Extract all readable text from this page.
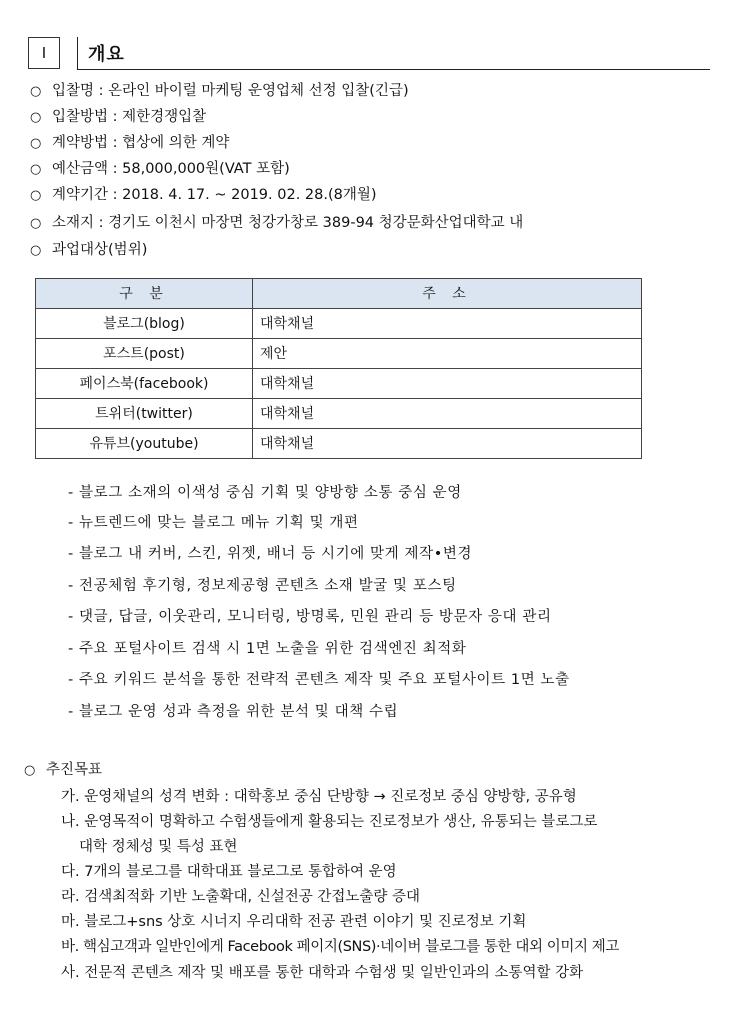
Ⅰ	개요
○ 입찰명 : 온라인 바이럴 마케팅 운영업체 선정 입찰(긴급)
○ 입찰방법 : 제한경쟁입찰
○ 계약방법 : 협상에 의한 계약
○ 예산금액 : 58,000,000원(VAT 포함)
○ 계약기간 : 2018. 4. 17. ~ 2019. 02. 28.(8개월)
○ 소재지 : 경기도 이천시 마장면 청강가창로 389-94 청강문화산업대학교 내
○ 과업대상(범위)
구 분	주 소
블로그(blog)	대학채널
포스트(post)	제안
페이스북(facebook)	대학채널
트위터(twitter)	대학채널
유튜브(youtube)	대학채널
- 블로그 소재의 이색성 중심 기획 및 양방향 소통 중심 운영
- 뉴트렌드에 맞는 블로그 메뉴 기획 및 개편
- 블로그 내 커버, 스킨, 위젯, 배너 등 시기에 맞게 제작•변경
- 전공체험 후기형, 정보제공형 콘텐츠 소재 발굴 및 포스팅
- 댓글, 답글, 이웃관리, 모니터링, 방명록, 민원 관리 등 방문자 응대 관리
- 주요 포털사이트 검색 시 1면 노출을 위한 검색엔진 최적화
- 주요 키워드 분석을 통한 전략적 콘텐츠 제작 및 주요 포털사이트 1면 노출
- 블로그 운영 성과 측정을 위한 분석 및 대책 수립
○ 추진목표
가. 운영채널의 성격 변화 : 대학홍보 중심 단방향 → 진로정보 중심 양방향, 공유형
나. 운영목적이 명확하고 수험생들에게 활용되는 진로정보가 생산, 유통되는 블로그로
대학 정체성 및 특성 표현
다. 7개의 블로그를 대학대표 블로그로 통합하여 운영
라. 검색최적화 기반 노출확대, 신설전공 간접노출량 증대
마. 블로그+sns 상호 시너지 우리대학 전공 관련 이야기 및 진로정보 기획
바. 핵심고객과 일반인에게 Facebook 페이지(SNS)·네이버 블로그를 통한 대외 이미지 제고
사. 전문적 콘텐츠 제작 및 배포를 통한 대학과 수험생 및 일반인과의 소통역할 강화
